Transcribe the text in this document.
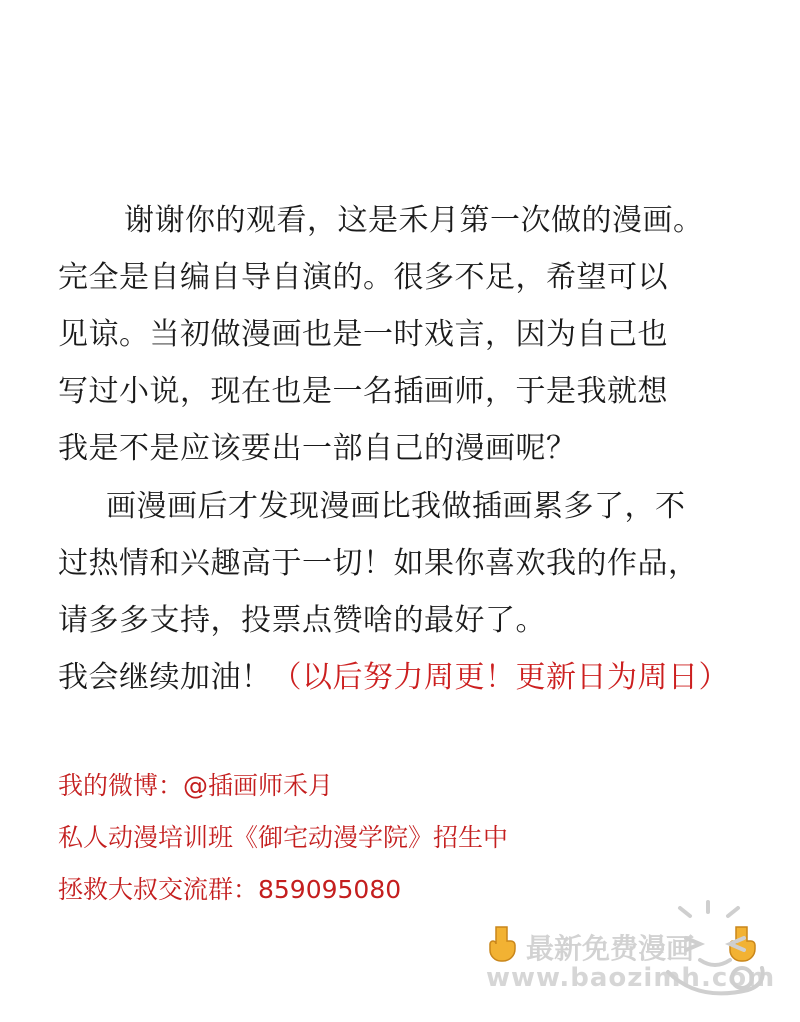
谢谢你的观看，这是禾月第一次做的漫画。
完全是自编自导自演的。很多不足，希望可以
见谅。当初做漫画也是一时戏言，因为自己也
写过小说，现在也是一名插画师，于是我就想
我是不是应该要出一部自己的漫画呢？
画漫画后才发现漫画比我做插画累多了，不
过热情和兴趣高于一切！如果你喜欢我的作品，
请多多支持，投票点赞啥的最好了。
我会继续加油！（以后努力周更！更新日为周日）
我的微博：@插画师禾月
私人动漫培训班《御宅动漫学院》招生中
拯救大叔交流群：859095080
最新免费漫画
www.baozimh.com
